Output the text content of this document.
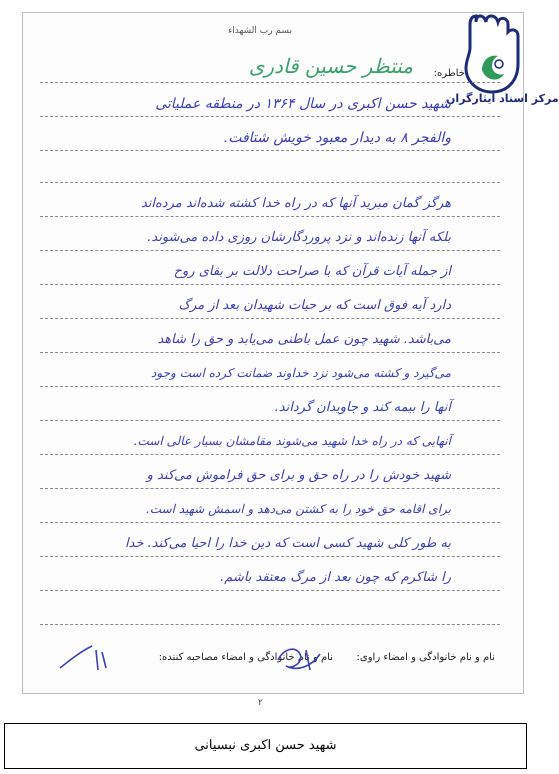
بسم رب الشهداء
مرکز اسناد ایثارگران
خاطره:
منتظر حسین قادری
شهید حسن اکبری در سال ۱۳۶۴ در منطقه عملیاتی
والفجر ۸ به دیدار معبود خویش شتافت.
هرگز گمان مبرید آنها که در راه خدا کشته شده‌اند مرده‌اند
بلکه آنها زنده‌اند و نزد پروردگارشان روزی داده می‌شوند.
از جمله آیات قرآن که با صراحت دلالت بر بقای روح
دارد آیه فوق است که بر حیات شهیدان بعد از مرگ
می‌باشد. شهید چون عمل باطنی می‌یابد و حق را شاهد
می‌گیرد و کشته می‌شود نزد خداوند ضمانت کرده است وجود
آنها را بیمه کند و جاویدان گرداند.
آنهایی که در راه خدا شهید می‌شوند مقامشان بسیار عالی است.
شهید خودش را در راه حق و برای حق فراموش می‌کند و
برای اقامه حق خود را به کشتن می‌دهد و اسمش شهید است.
به طور کلی شهید کسی است که دین خدا را احیا می‌کند. خدا
را شاکرم که چون بعد از مرگ معتقد باشم.
نام و نام خانوادگی و امضاء راوی:
نام و نام خانوادگی و امضاء مصاحبه کننده:
۲
شهید حسن اکبری نبسیانی
